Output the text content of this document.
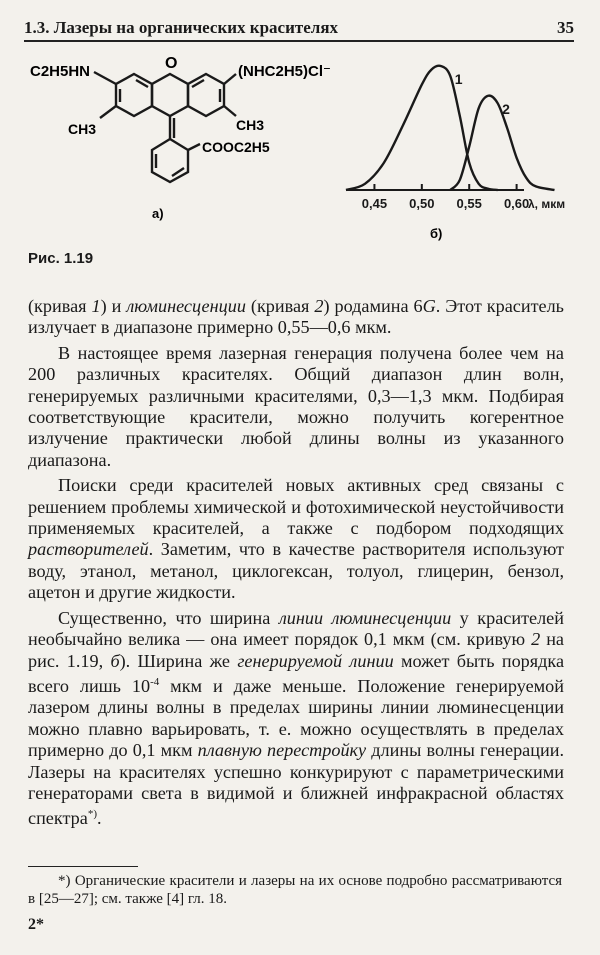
1.3. Лазеры на органических красителях	35
O
C2H5HN	(NHC2H5) Cl⁻
CH3	CH3
COOC2H5
а)
0,45 0,50 0,55 0,60
λ, мкм
1
2
б)
Рис. 1.19

(кривая 1) и люминесценции (кривая 2) родамина 6G. Этот краситель излучает в диапазоне примерно 0,55—0,6 мкм.

В настоящее время лазерная генерация получена более чем на 200 различных красителях. Общий диапазон длин волн, генерируемых различными красителями, 0,3—1,3 мкм. Подбирая соответствующие красители, можно получить когерентное излучение практически любой длины волны из указанного диапазона.

Поиски среди красителей новых активных сред связаны с решением проблемы химической и фотохимической неустойчивости применяемых красителей, а также с подбором подходящих растворителей. Заметим, что в качестве растворителя используют воду, этанол, метанол, циклогексан, толуол, глицерин, бензол, ацетон и другие жидкости.

Существенно, что ширина линии люминесценции у красителей необычайно велика — она имеет порядок 0,1 мкм (см. кривую 2 на рис. 1.19, б). Ширина же генерируемой линии может быть порядка всего лишь $10^{-4}$ мкм и даже меньше. Положение генерируемой лазером длины волны в пределах ширины линии люминесценции можно плавно варьировать, т. е. можно осуществлять в пределах примерно до 0,1 мкм плавную перестройку длины волны генерации. Лазеры на красителях успешно конкурируют с параметрическими генераторами света в видимой и ближней инфракрасной областях спектра*).

*) Органические красители и лазеры на их основе подробно рассматриваются в [25—27]; см. также [4] гл. 18.
2*
